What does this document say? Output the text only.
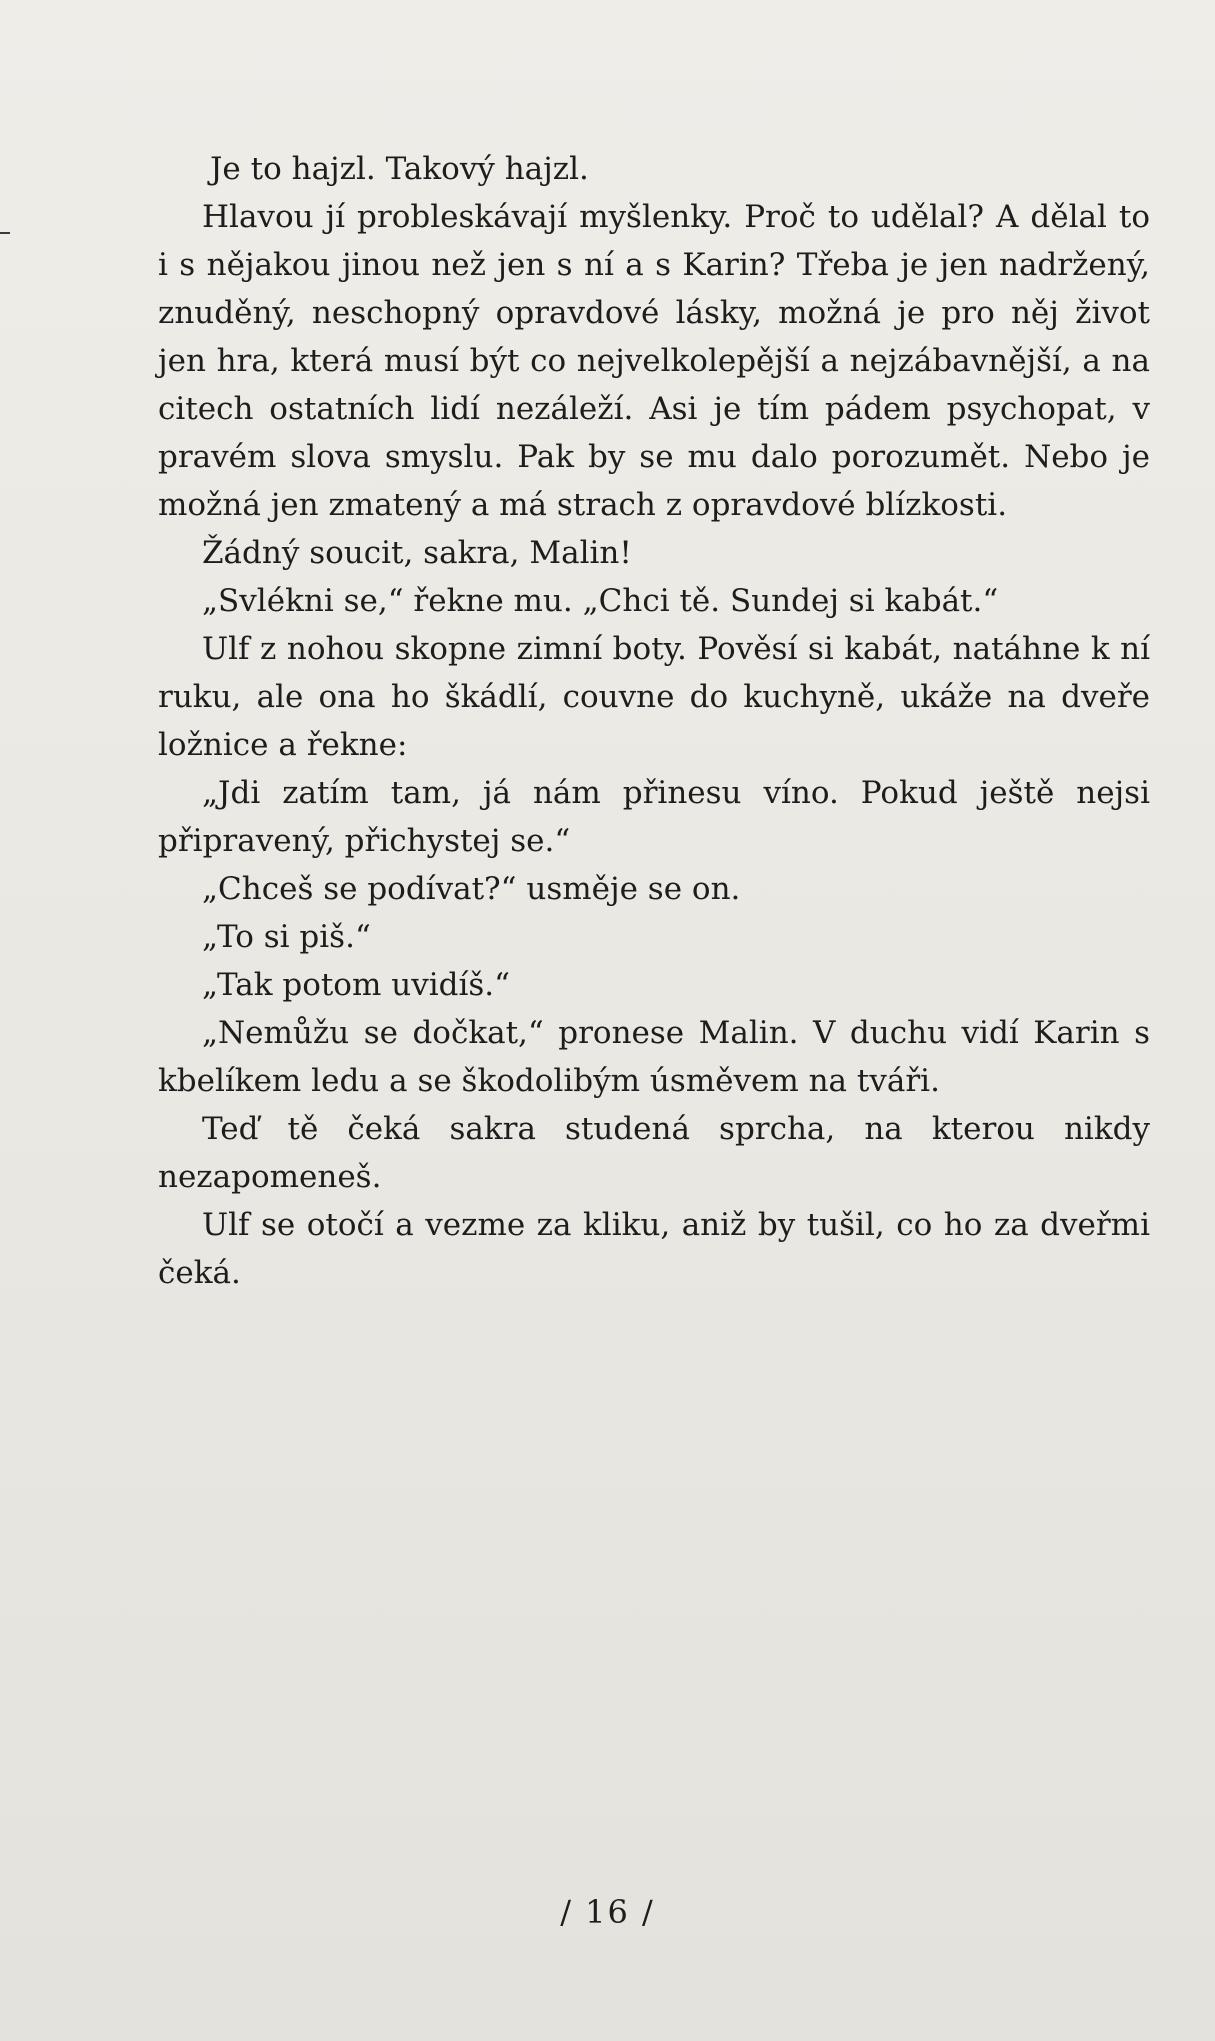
Je to hajzl. Takový hajzl.

Hlavou jí probleskávají myšlenky. Proč to udělal? A dělal to i s nějakou jinou než jen s ní a s Karin? Třeba je jen nadržený, znuděný, neschopný opravdové lásky, možná je pro něj život jen hra, která musí být co nejvelkolepější a nejzábavnější, a na citech ostatních lidí nezáleží. Asi je tím pádem psychopat, v pravém slova smyslu. Pak by se mu dalo porozumět. Nebo je možná jen zmatený a má strach z opravdové blízkosti.

Žádný soucit, sakra, Malin!

„Svlékni se,“ řekne mu. „Chci tě. Sundej si kabát.“

Ulf z nohou skopne zimní boty. Pověsí si kabát, natáhne k ní ruku, ale ona ho škádlí, couvne do kuchyně, ukáže na dveře ložnice a řekne:

„Jdi zatím tam, já nám přinesu víno. Pokud ještě nejsi připravený, přichystej se.“

„Chceš se podívat?“ usměje se on.

„To si piš.“

„Tak potom uvidíš.“

„Nemůžu se dočkat,“ pronese Malin. V duchu vidí Karin s kbelíkem ledu a se škodolibým úsměvem na tváři.

Teď tě čeká sakra studená sprcha, na kterou nikdy nezapomeneš.

Ulf se otočí a vezme za kliku, aniž by tušil, co ho za dveřmi čeká.

/ 16 /
